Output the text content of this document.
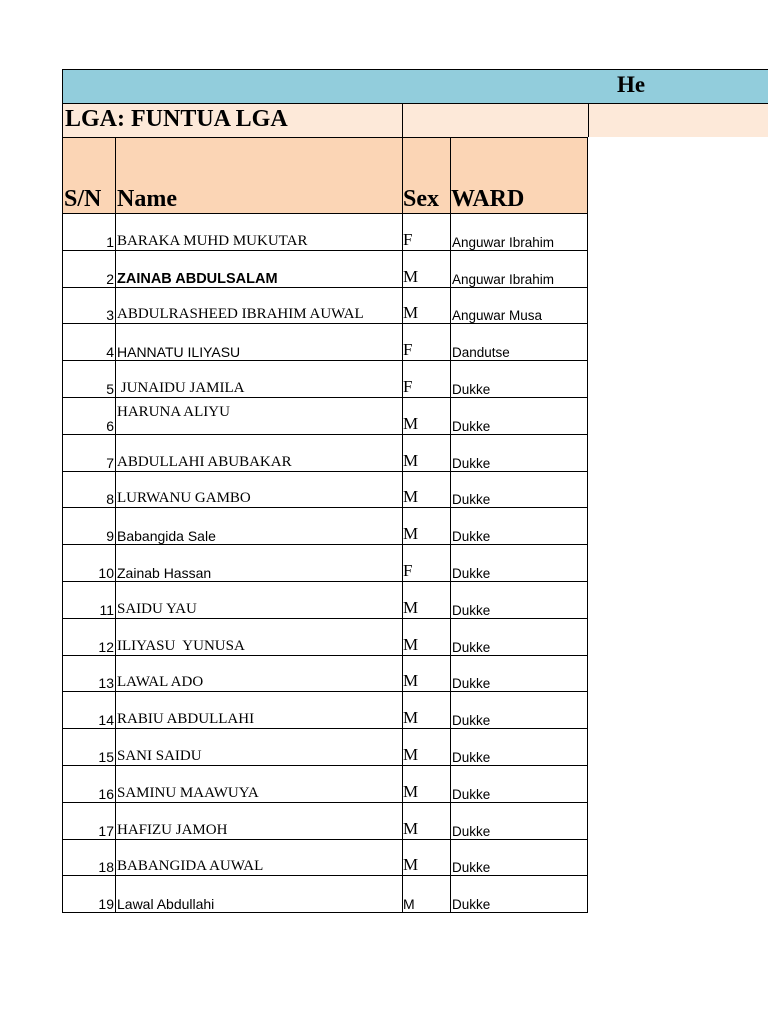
He
LGA: FUNTUA LGA
S/N	Name	Sex	WARD
1	BARAKA MUHD MUKUTAR	F	Anguwar Ibrahim
2	ZAINAB ABDULSALAM	M	Anguwar Ibrahim
3	ABDULRASHEED IBRAHIM AUWAL	M	Anguwar Musa
4	HANNATU ILIYASU	F	Dandutse
5	JUNAIDU JAMILA	F	Dukke
6	HARUNA ALIYU	M	Dukke
7	ABDULLAHI ABUBAKAR	M	Dukke
8	LURWANU GAMBO	M	Dukke
9	Babangida Sale	M	Dukke
10	Zainab Hassan	F	Dukke
11	SAIDU YAU	M	Dukke
12	ILIYASU  YUNUSA	M	Dukke
13	LAWAL ADO	M	Dukke
14	RABIU ABDULLAHI	M	Dukke
15	SANI SAIDU	M	Dukke
16	SAMINU MAAWUYA	M	Dukke
17	HAFIZU JAMOH	M	Dukke
18	BABANGIDA AUWAL	M	Dukke
19	Lawal Abdullahi	M	Dukke
